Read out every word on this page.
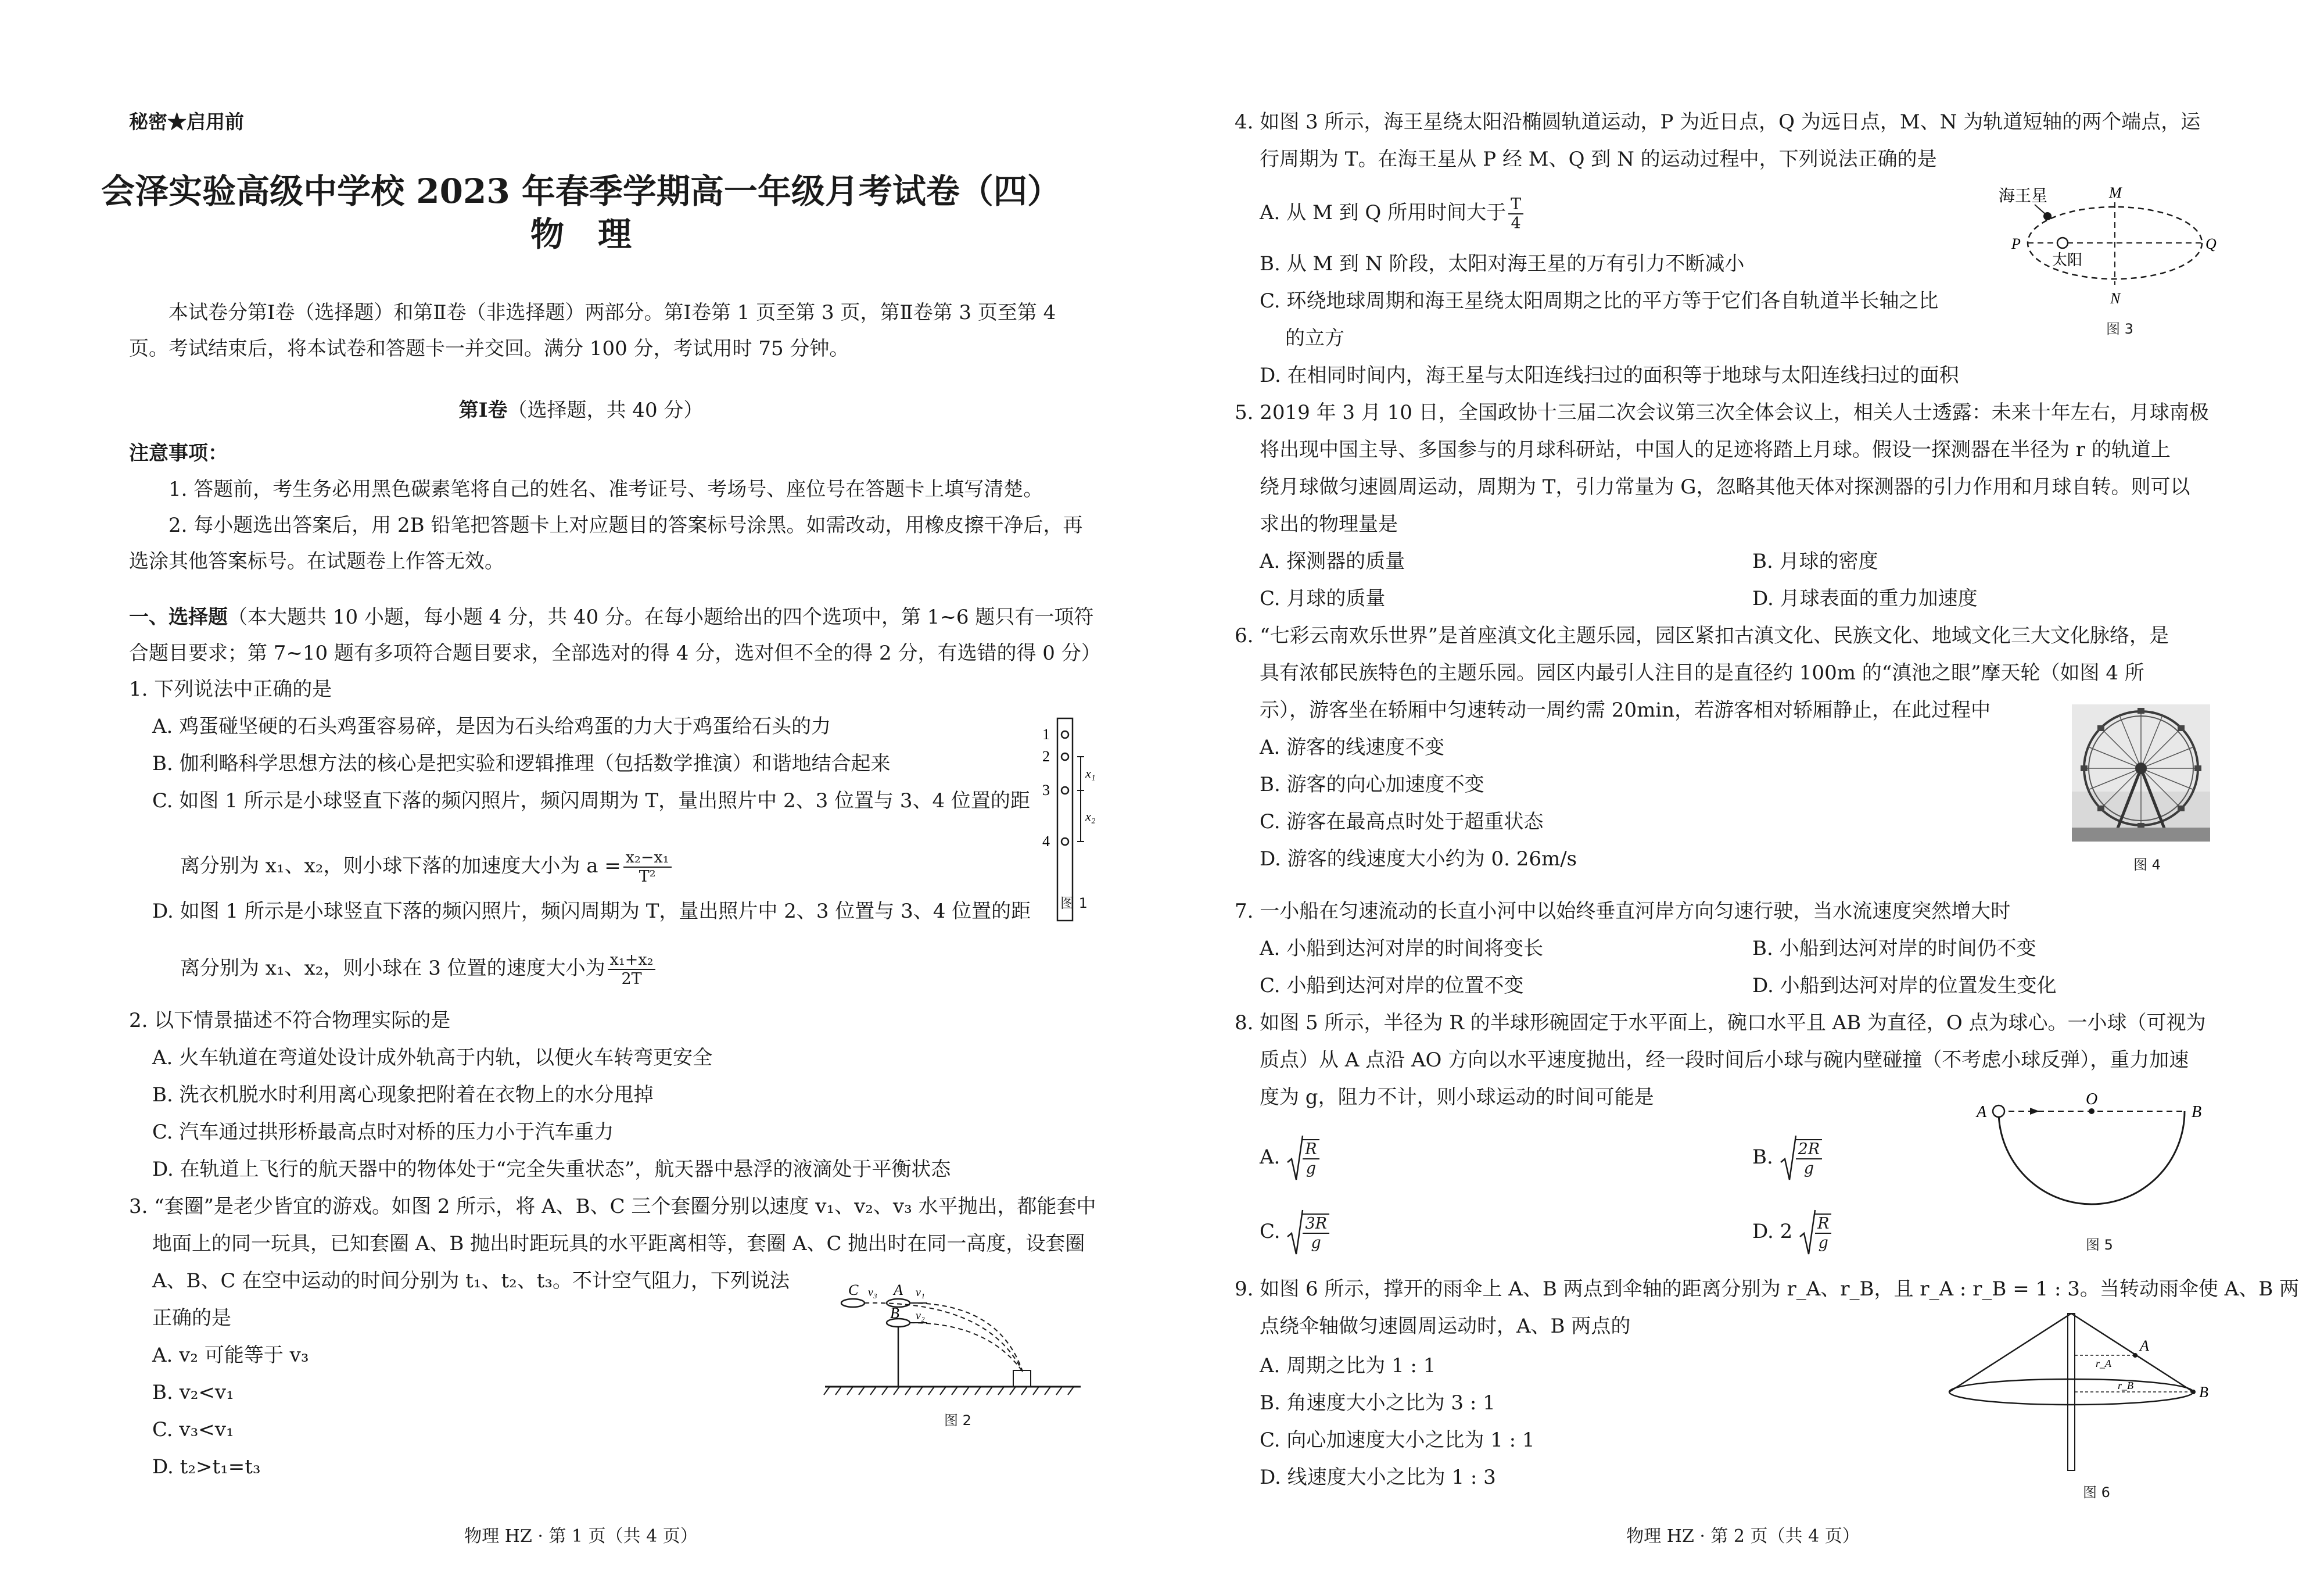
秘密★启用前
会泽实验高级中学校 2023 年春季学期高一年级月考试卷（四）
物　理
本试卷分第Ⅰ卷（选择题）和第Ⅱ卷（非选择题）两部分。第Ⅰ卷第 1 页至第 3 页，第Ⅱ卷第 3 页至第 4
页。考试结束后，将本试卷和答题卡一并交回。满分 100 分，考试用时 75 分钟。
第Ⅰ卷（选择题，共 40 分）
注意事项：
1. 答题前，考生务必用黑色碳素笔将自己的姓名、准考证号、考场号、座位号在答题卡上填写清楚。
2. 每小题选出答案后，用 2B 铅笔把答题卡上对应题目的答案标号涂黑。如需改动，用橡皮擦干净后，再
选涂其他答案标号。在试题卷上作答无效。
一、选择题（本大题共 10 小题，每小题 4 分，共 40 分。在每小题给出的四个选项中，第 1~6 题只有一项符
合题目要求；第 7~10 题有多项符合题目要求，全部选对的得 4 分，选对但不全的得 2 分，有选错的得 0 分）
1. 下列说法中正确的是
A. 鸡蛋碰坚硬的石头鸡蛋容易碎，是因为石头给鸡蛋的力大于鸡蛋给石头的力
B. 伽利略科学思想方法的核心是把实验和逻辑推理（包括数学推演）和谐地结合起来
C. 如图 1 所示是小球竖直下落的频闪照片，频闪周期为 T，量出照片中 2、3 位置与 3、4 位置的距
离分别为 x₁、x₂，则小球下落的加速度大小为 $a = \frac{\text{x₂−x₁}}{\text{T²}}$
D. 如图 1 所示是小球竖直下落的频闪照片，频闪周期为 T，量出照片中 2、3 位置与 3、4 位置的距
离分别为 x₁、x₂，则小球在 3 位置的速度大小为 $\frac{\text{x₁+x₂}}{2T}$
1
2
3
4
x₁
x₂
图 1
2. 以下情景描述不符合物理实际的是
A. 火车轨道在弯道处设计成外轨高于内轨，以便火车转弯更安全
B. 洗衣机脱水时利用离心现象把附着在衣物上的水分甩掉
C. 汽车通过拱形桥最高点时对桥的压力小于汽车重力
D. 在轨道上飞行的航天器中的物体处于“完全失重状态”，航天器中悬浮的液滴处于平衡状态
3. “套圈”是老少皆宜的游戏。如图 2 所示，将 A、B、C 三个套圈分别以速度 v₁、v₂、v₃ 水平抛出，都能套中
地面上的同一玩具，已知套圈 A、B 抛出时距玩具的水平距离相等，套圈 A、C 抛出时在同一高度，设套圈
A、B、C 在空中运动的时间分别为 t₁、t₂、t₃。不计空气阻力，下列说法
正确的是
A. v₂ 可能等于 v₃
B. v₂<v₁
C. v₃<v₁
D. t₂>t₁=t₃
C v₃ A v₁
B v₂
图 2
物理 HZ · 第 1 页（共 4 页）
4. 如图 3 所示，海王星绕太阳沿椭圆轨道运动，P 为近日点，Q 为远日点，M、N 为轨道短轴的两个端点，运
行周期为 T。在海王星从 P 经 M、Q 到 N 的运动过程中，下列说法正确的是
A. 从 M 到 Q 所用时间大于 $\frac{T}{4}$
B. 从 M 到 N 阶段，太阳对海王星的万有引力不断减小
C. 环绕地球周期和海王星绕太阳周期之比的平方等于它们各自轨道半长轴之比
的立方
D. 在相同时间内，海王星与太阳连线扫过的面积等于地球与太阳连线扫过的面积
海王星	M
P	Q
太阳
N
图 3
5. 2019 年 3 月 10 日，全国政协十三届二次会议第三次全体会议上，相关人士透露：未来十年左右，月球南极
将出现中国主导、多国参与的月球科研站，中国人的足迹将踏上月球。假设一探测器在半径为 r 的轨道上
绕月球做匀速圆周运动，周期为 T，引力常量为 G，忽略其他天体对探测器的引力作用和月球自转。则可以
求出的物理量是
A. 探测器的质量	B. 月球的密度
C. 月球的质量	D. 月球表面的重力加速度
6. “七彩云南欢乐世界”是首座滇文化主题乐园，园区紧扣古滇文化、民族文化、地域文化三大文化脉络，是
具有浓郁民族特色的主题乐园。园区内最引人注目的是直径约 100m 的“滇池之眼”摩天轮（如图 4 所
示），游客坐在轿厢中匀速转动一周约需 20min，若游客相对轿厢静止，在此过程中
A. 游客的线速度不变
B. 游客的向心加速度不变
C. 游客在最高点时处于超重状态
D. 游客的线速度大小约为 0. 26m/s	图 4
7. 一小船在匀速流动的长直小河中以始终垂直河岸方向匀速行驶，当水流速度突然增大时
A. 小船到达河对岸的时间将变长	B. 小船到达河对岸的时间仍不变
C. 小船到达河对岸的位置不变	D. 小船到达河对岸的位置发生变化
8. 如图 5 所示，半径为 R 的半球形碗固定于水平面上，碗口水平且 AB 为直径，O 点为球心。一小球（可视为
质点）从 A 点沿 AO 方向以水平速度抛出，经一段时间后小球与碗内壁碰撞（不考虑小球反弹），重力加速
度为 g，阻力不计，则小球运动的时间可能是
A. $\frac{R}{g}$	B. $\frac{2R}{g}$
C. $\frac{3R}{g}$	D. $2 \frac{R}{g}$
A
O
B
图 5
9. 如图 6 所示，撑开的雨伞上 A、B 两点到伞轴的距离分别为 r_A、r_B，且 r_A : r_B = 1 : 3。当转动雨伞使 A、B 两
点绕伞轴做匀速圆周运动时，A、B 两点的
A. 周期之比为 1 : 1
B. 角速度大小之比为 3 : 1
C. 向心加速度大小之比为 1 : 1
D. 线速度大小之比为 1 : 3
A
B
r_A
r_B
图 6
物理 HZ · 第 2 页（共 4 页）
